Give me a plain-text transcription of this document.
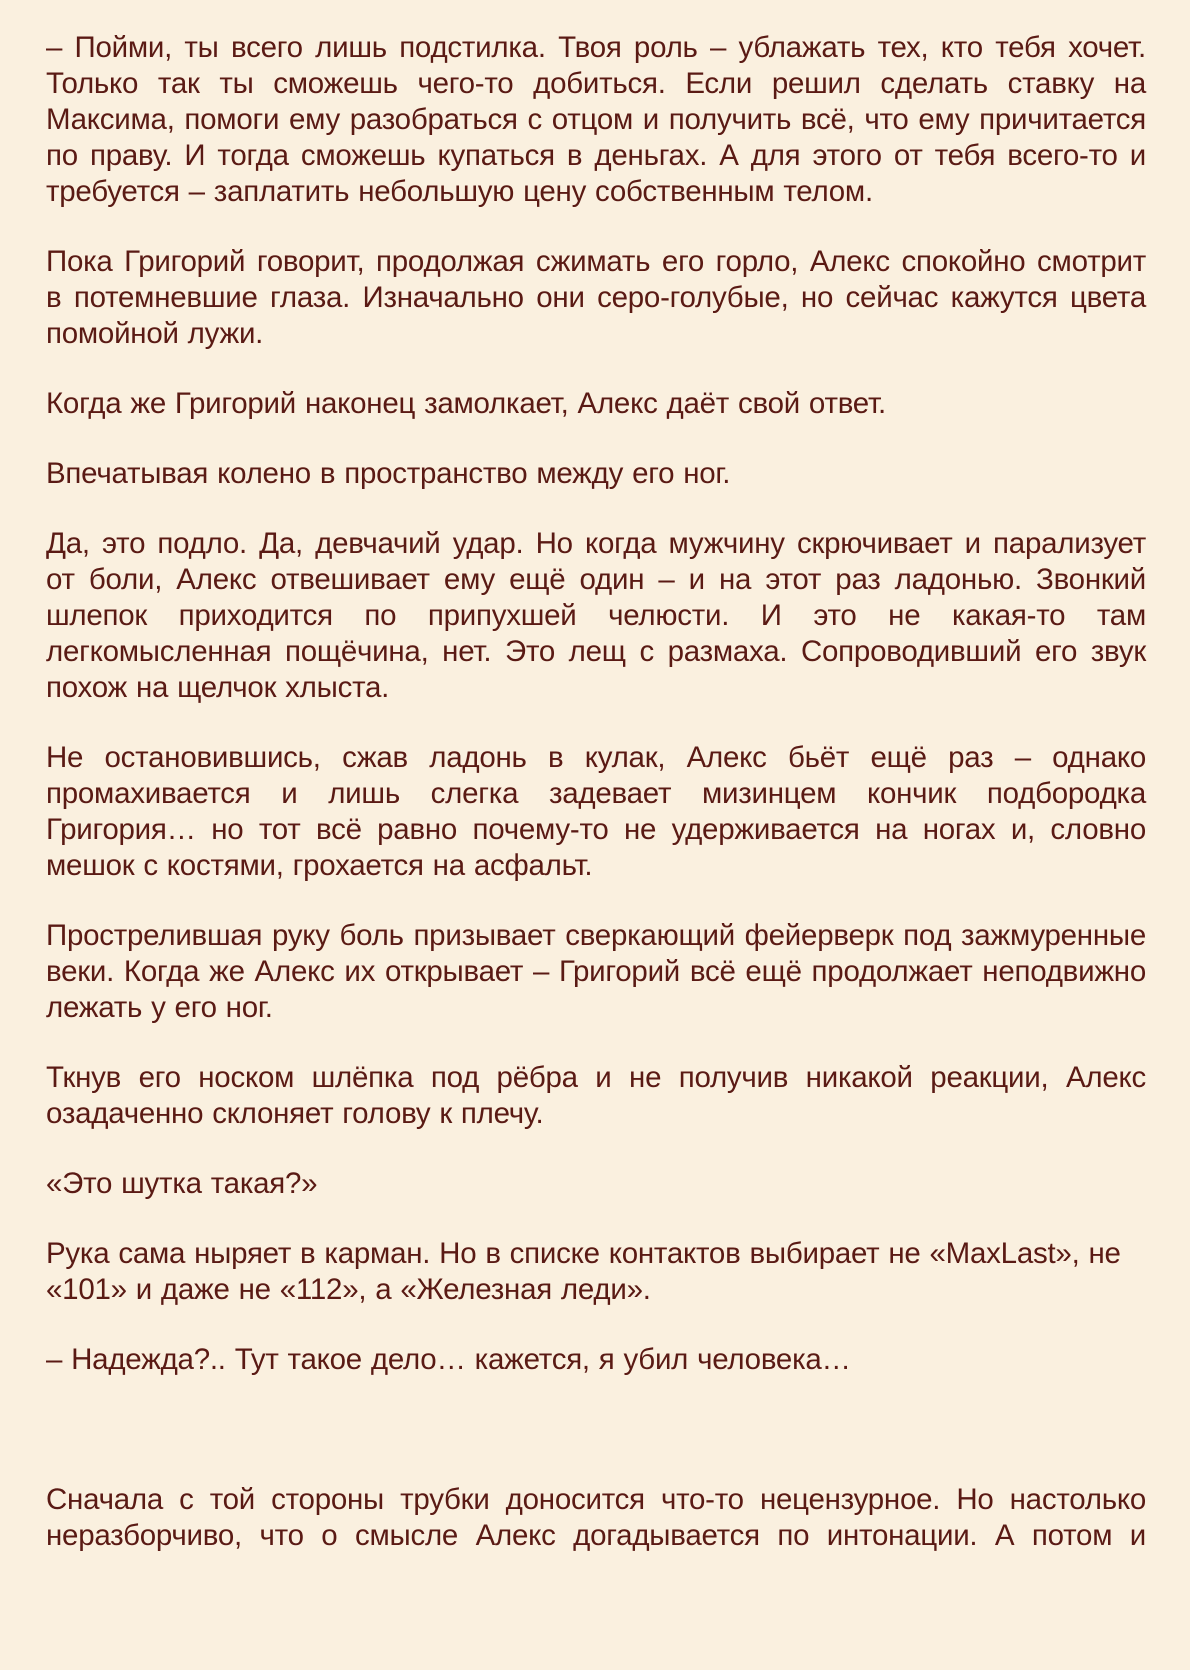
– Пойми, ты всего лишь подстилка. Твоя роль – ублажать тех, кто тебя хочет. Только так ты сможешь чего-то добиться. Если решил сделать ставку на Максима, помоги ему разобраться с отцом и получить всё, что ему причитается по праву. И тогда сможешь купаться в деньгах. А для этого от тебя всего-то и требуется – заплатить небольшую цену собственным телом.

Пока Григорий говорит, продолжая сжимать его горло, Алекс спокойно смотрит в потемневшие глаза. Изначально они серо-голубые, но сейчас кажутся цвета помойной лужи.

Когда же Григорий наконец замолкает, Алекс даёт свой ответ.

Впечатывая колено в пространство между его ног.

Да, это подло. Да, девчачий удар. Но когда мужчину скрючивает и парализует от боли, Алекс отвешивает ему ещё один – и на этот раз ладонью. Звонкий шлепок приходится по припухшей челюсти. И это не какая-то там легкомысленная пощёчина, нет. Это лещ с размаха. Сопроводивший его звук похож на щелчок хлыста.

Не остановившись, сжав ладонь в кулак, Алекс бьёт ещё раз – однако промахивается и лишь слегка задевает мизинцем кончик подбородка Григория… но тот всё равно почему-то не удерживается на ногах и, словно мешок с костями, грохается на асфальт.

Прострелившая руку боль призывает сверкающий фейерверк под зажмуренные веки. Когда же Алекс их открывает – Григорий всё ещё продолжает неподвижно лежать у его ног.

Ткнув его носком шлёпка под рёбра и не получив никакой реакции, Алекс озадаченно склоняет голову к плечу.

«Это шутка такая?»

Рука сама ныряет в карман. Но в списке контактов выбирает не «MaxLast», не
«101» и даже не «112», а «Железная леди».

– Надежда?.. Тут такое дело… кажется, я убил человека…

Сначала с той стороны трубки доносится что-то нецензурное. Но настолько неразборчиво, что о смысле Алекс догадывается по интонации. А потом и
